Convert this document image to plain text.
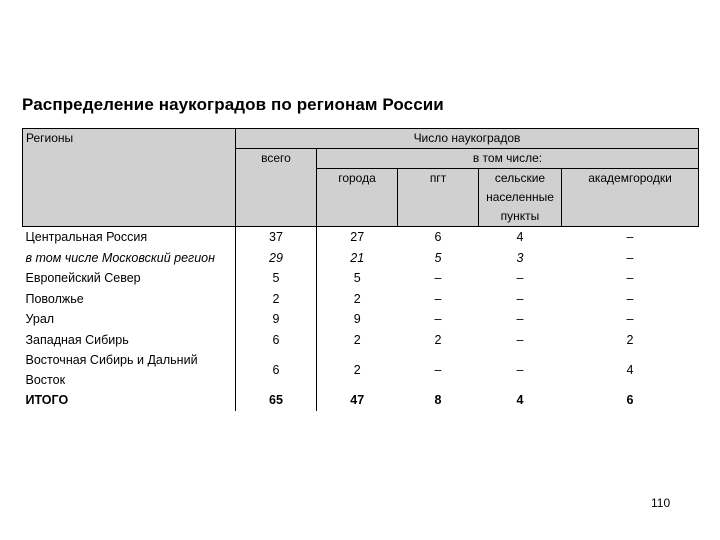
Распределение наукоградов по регионам России
Регионы	Число наукоградов				
	всего	в том числе:			
		города	пгт	сельские населенные пункты	академгородки
Центральная Россия	37	27	6	4	–
в том числе Московский регион	29	21	5	3	–
Европейский Север	5	5	–	–	–
Поволжье	2	2	–	–	–
Урал	9	9	–	–	–
Западная Сибирь	6	2	2	–	2
Восточная Сибирь и Дальний Восток	6	2	–	–	4
ИТОГО	65	47	8	4	6
110
